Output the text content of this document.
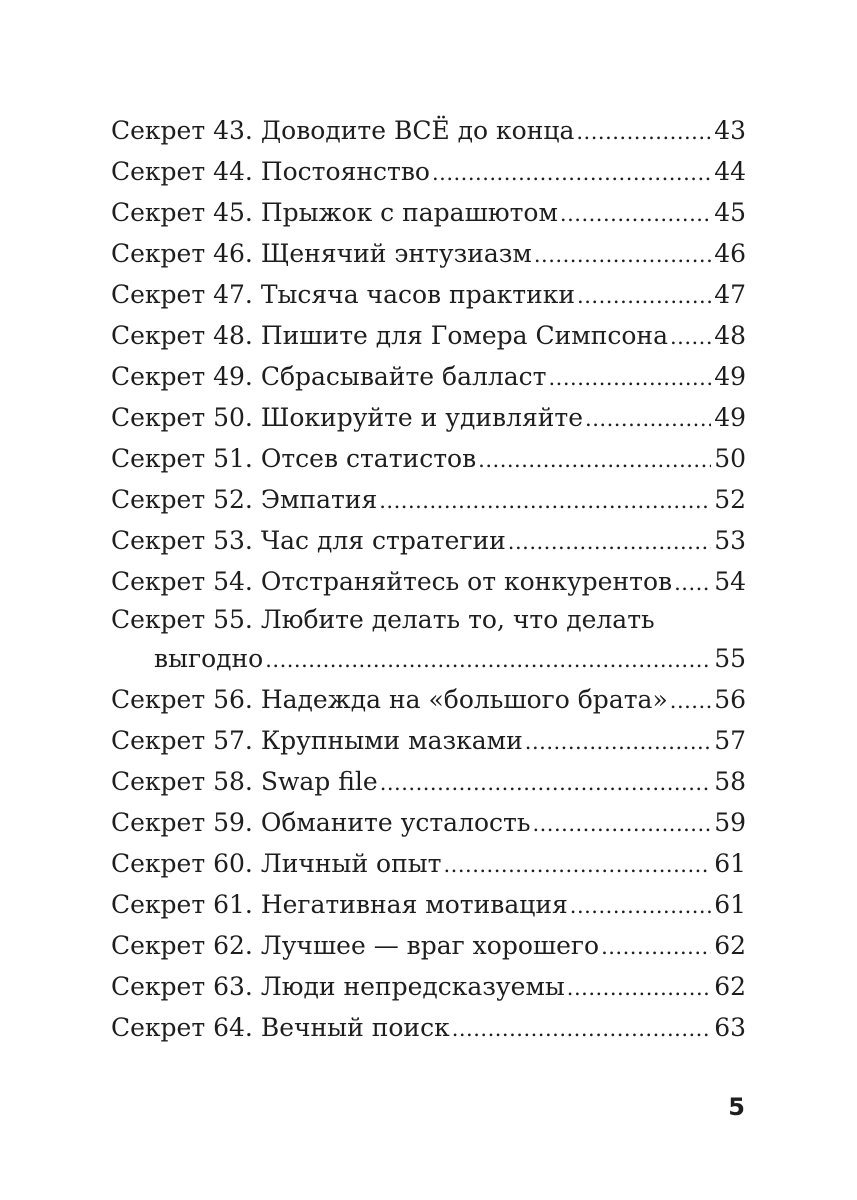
Секрет 43. Доводите ВСЁ до конца .....	43
Секрет 44. Постоянство .....	44
Секрет 45. Прыжок с парашютом .....	45
Секрет 46. Щенячий энтузиазм .....	46
Секрет 47. Тысяча часов практики .....	47
Секрет 48. Пишите для Гомера Симпсона ..... 48
Секрет 49. Сбрасывайте балласт .....	49
Секрет 50. Шокируйте и удивляйте .....	49
Секрет 51. Отсев статистов .....	50
Секрет 52. Эмпатия .....	52
Секрет 53. Час для стратегии .....	53
Секрет 54. Отстраняйтесь от конкурентов ..... 54
Секрет 55. Любите делать то, что делать
выгодно .....	55
Секрет 56. Надежда на «большого брата» ..... 56
Секрет 57. Крупными мазками .....	57
Секрет 58. Swap file .....	58
Секрет 59. Обманите усталость .....	59
Секрет 60. Личный опыт .....	61
Секрет 61. Негативная мотивация .....	61
Секрет 62. Лучшее — враг хорошего .....	62
Секрет 63. Люди непредсказуемы .....	62
Секрет 64. Вечный поиск .....	63
5
